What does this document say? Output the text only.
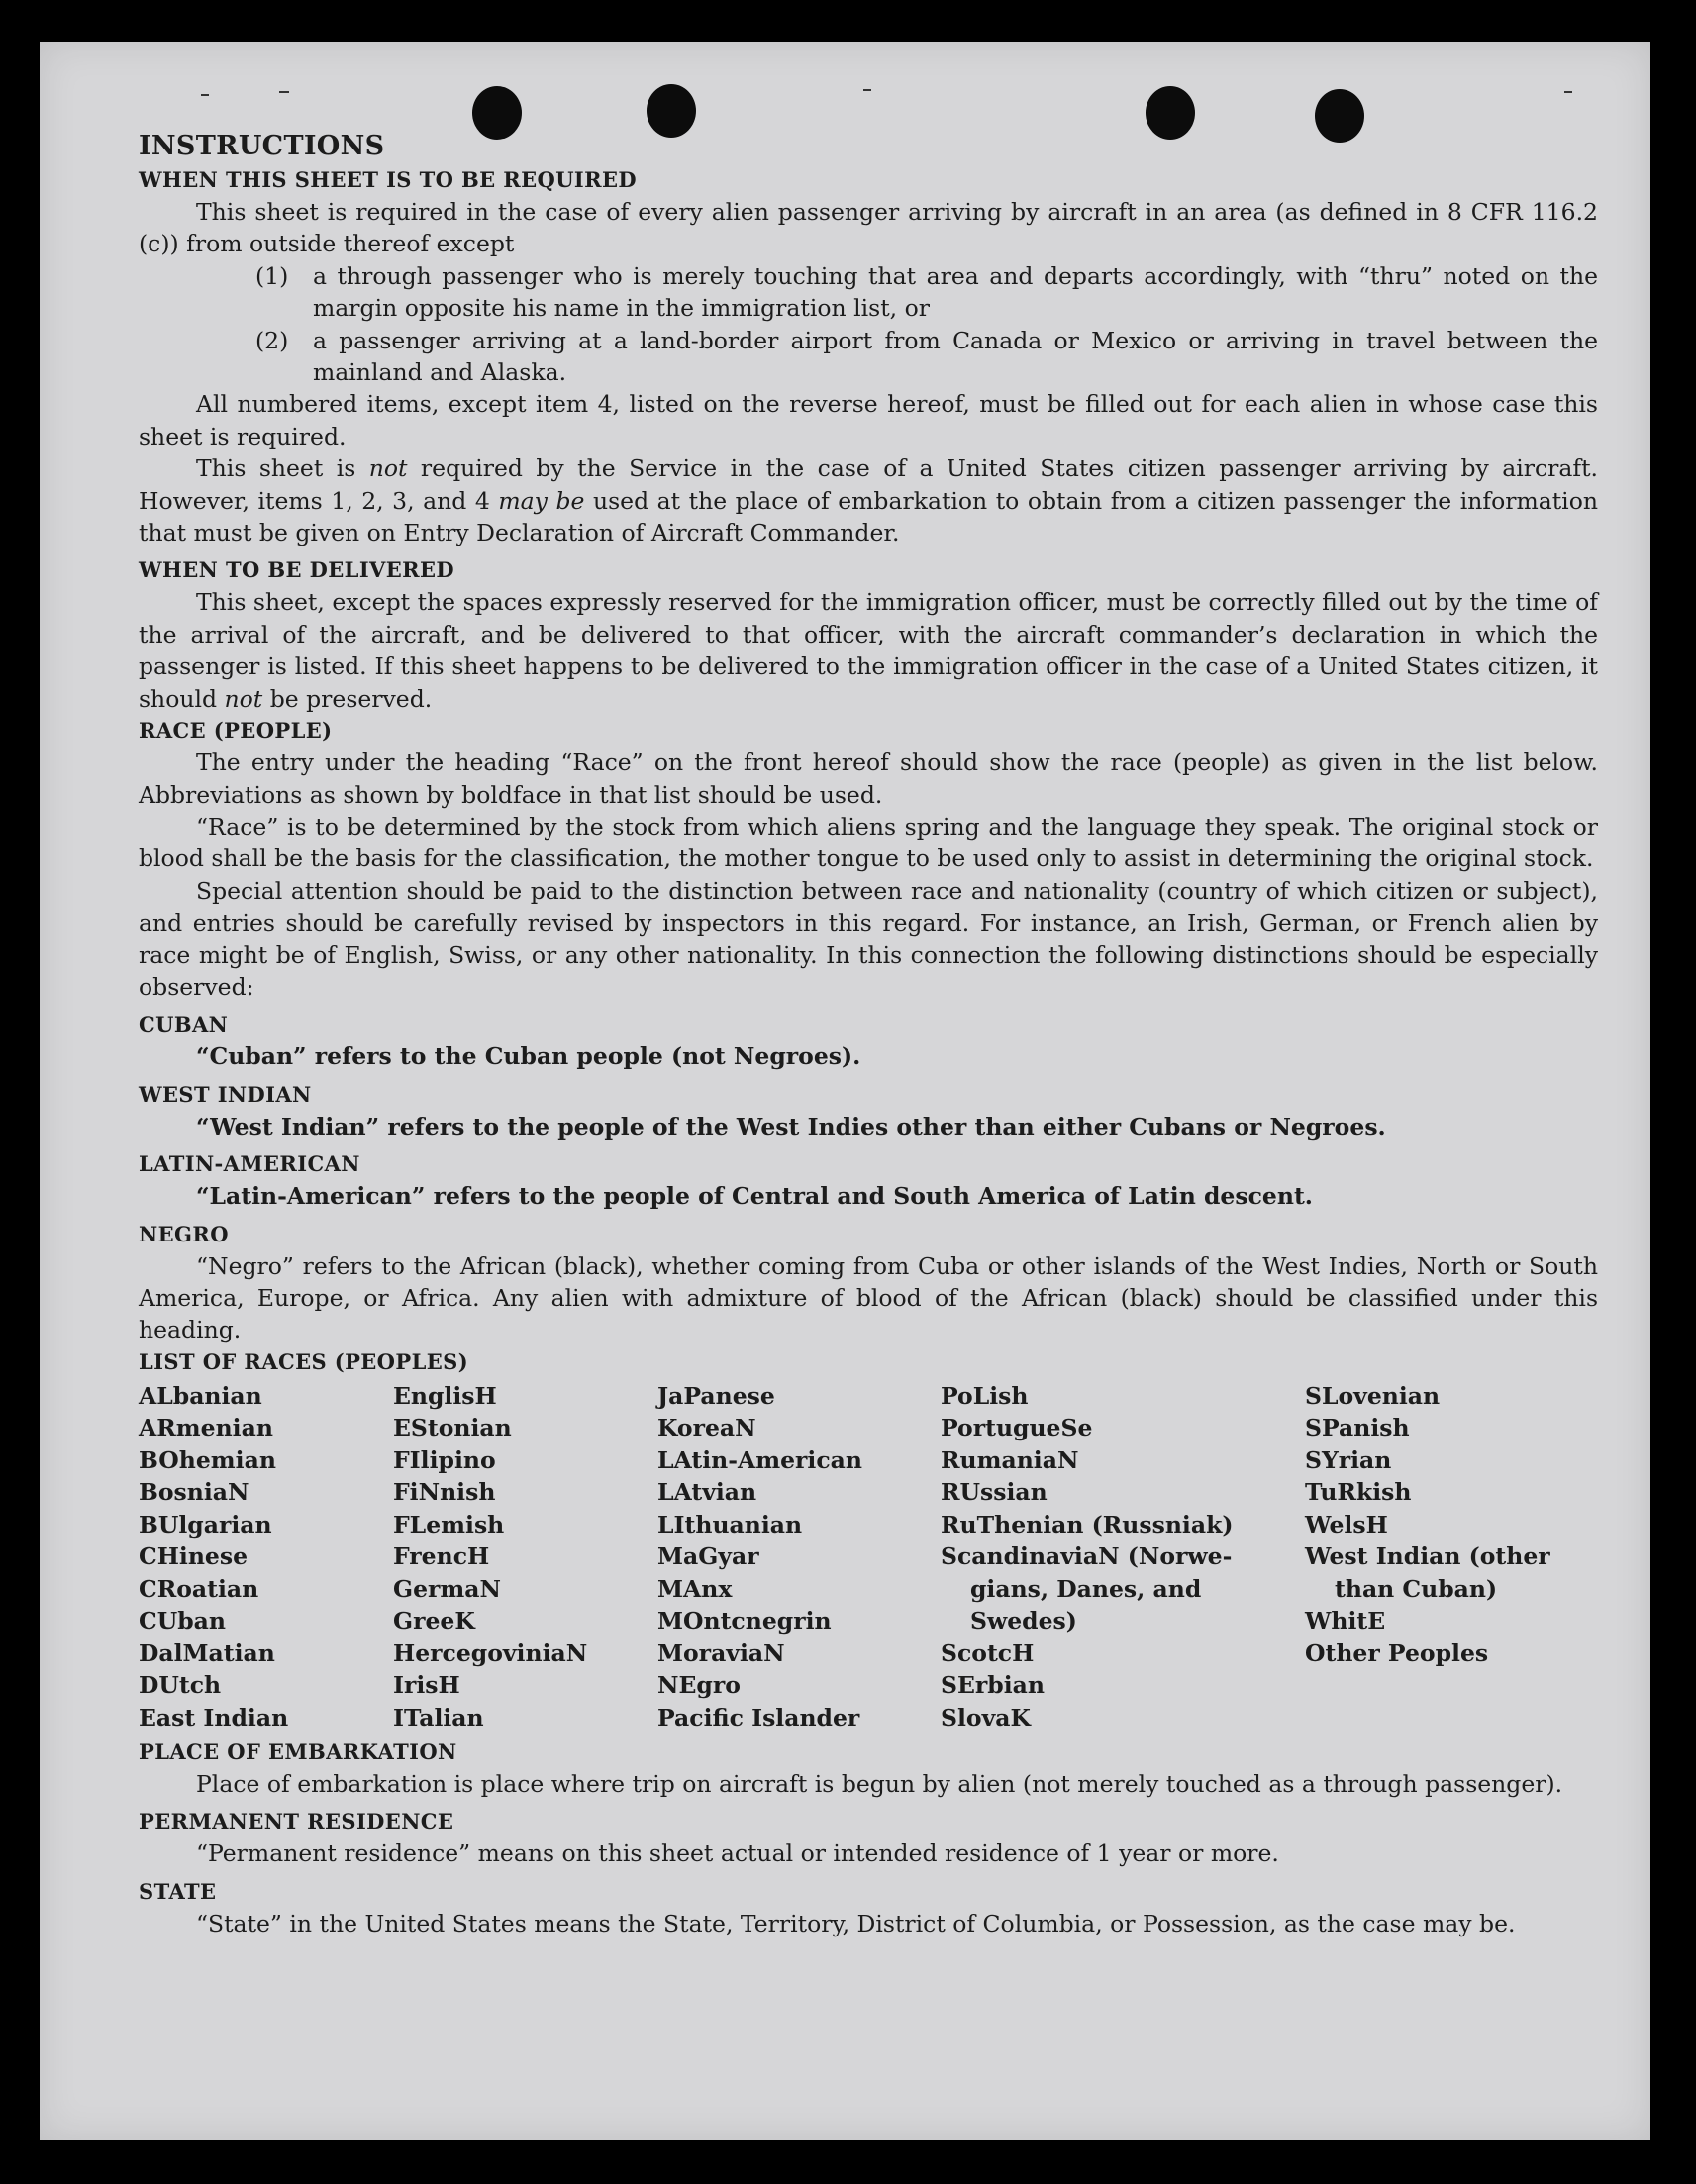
INSTRUCTIONS

WHEN THIS SHEET IS TO BE REQUIRED

This sheet is required in the case of every alien passenger arriving by aircraft in an area (as defined in 8 CFR 116.2 (c)) from outside thereof except

(1)	a through passenger who is merely touching that area and departs accordingly, with “thru” noted on the margin opposite his name in the immigration list, or
(2)	a passenger arriving at a land-border airport from Canada or Mexico or arriving in travel between the mainland and Alaska.

All numbered items, except item 4, listed on the reverse hereof, must be filled out for each alien in whose case this sheet is required.

This sheet is not required by the Service in the case of a United States citizen passenger arriving by aircraft. However, items 1, 2, 3, and 4 may be used at the place of embarkation to obtain from a citizen passenger the information that must be given on Entry Declaration of Aircraft Commander.

WHEN TO BE DELIVERED

This sheet, except the spaces expressly reserved for the immigration officer, must be correctly filled out by the time of the arrival of the aircraft, and be delivered to that officer, with the aircraft commander’s declaration in which the passenger is listed. If this sheet happens to be delivered to the immigration officer in the case of a United States citizen, it should not be preserved.

RACE (PEOPLE)

The entry under the heading “Race” on the front hereof should show the race (people) as given in the list below. Abbreviations as shown by boldface in that list should be used.

“Race” is to be determined by the stock from which aliens spring and the language they speak. The original stock or blood shall be the basis for the classification, the mother tongue to be used only to assist in determining the original stock.

Special attention should be paid to the distinction between race and nationality (country of which citizen or subject), and entries should be carefully revised by inspectors in this regard. For instance, an Irish, German, or French alien by race might be of English, Swiss, or any other nationality. In this connection the following distinctions should be especially observed:

CUBAN

“Cuban” refers to the Cuban people (not Negroes).

WEST INDIAN

“West Indian” refers to the people of the West Indies other than either Cubans or Negroes.

LATIN-AMERICAN

“Latin-American” refers to the people of Central and South America of Latin descent.

NEGRO

“Negro” refers to the African (black), whether coming from Cuba or other islands of the West Indies, North or South America, Europe, or Africa. Any alien with admixture of blood of the African (black) should be classified under this heading.

LIST OF RACES (PEOPLES)

ALbanian
ARmenian
BOhemian
BosniaN
BUlgarian
CHinese
CRoatian
CUban
DalMatian
DUtch
East Indian
EnglisH
EStonian
FIlipino
FiNnish
FLemish
FrencH
GermaN
GreeK
HercegoviniaN
IrisH
ITalian
JaPanese
KoreaN
LAtin-American
LAtvian
LIthuanian
MaGyar
MAnx
MOntcnegrin
MoraviaN
NEgro
Pacific Islander
PoLish
PortugueSe
RumaniaN
RUssian
RuThenian (Russniak)
ScandinaviaN (Norwe-
gians, Danes, and
Swedes)
ScotcH
SErbian
SlovaK
SLovenian
SPanish
SYrian
TuRkish
WelsH
West Indian (other
than Cuban)
WhitE
Other Peoples

PLACE OF EMBARKATION

Place of embarkation is place where trip on aircraft is begun by alien (not merely touched as a through passenger).

PERMANENT RESIDENCE

“Permanent residence” means on this sheet actual or intended residence of 1 year or more.

STATE

“State” in the United States means the State, Territory, District of Columbia, or Possession, as the case may be.
